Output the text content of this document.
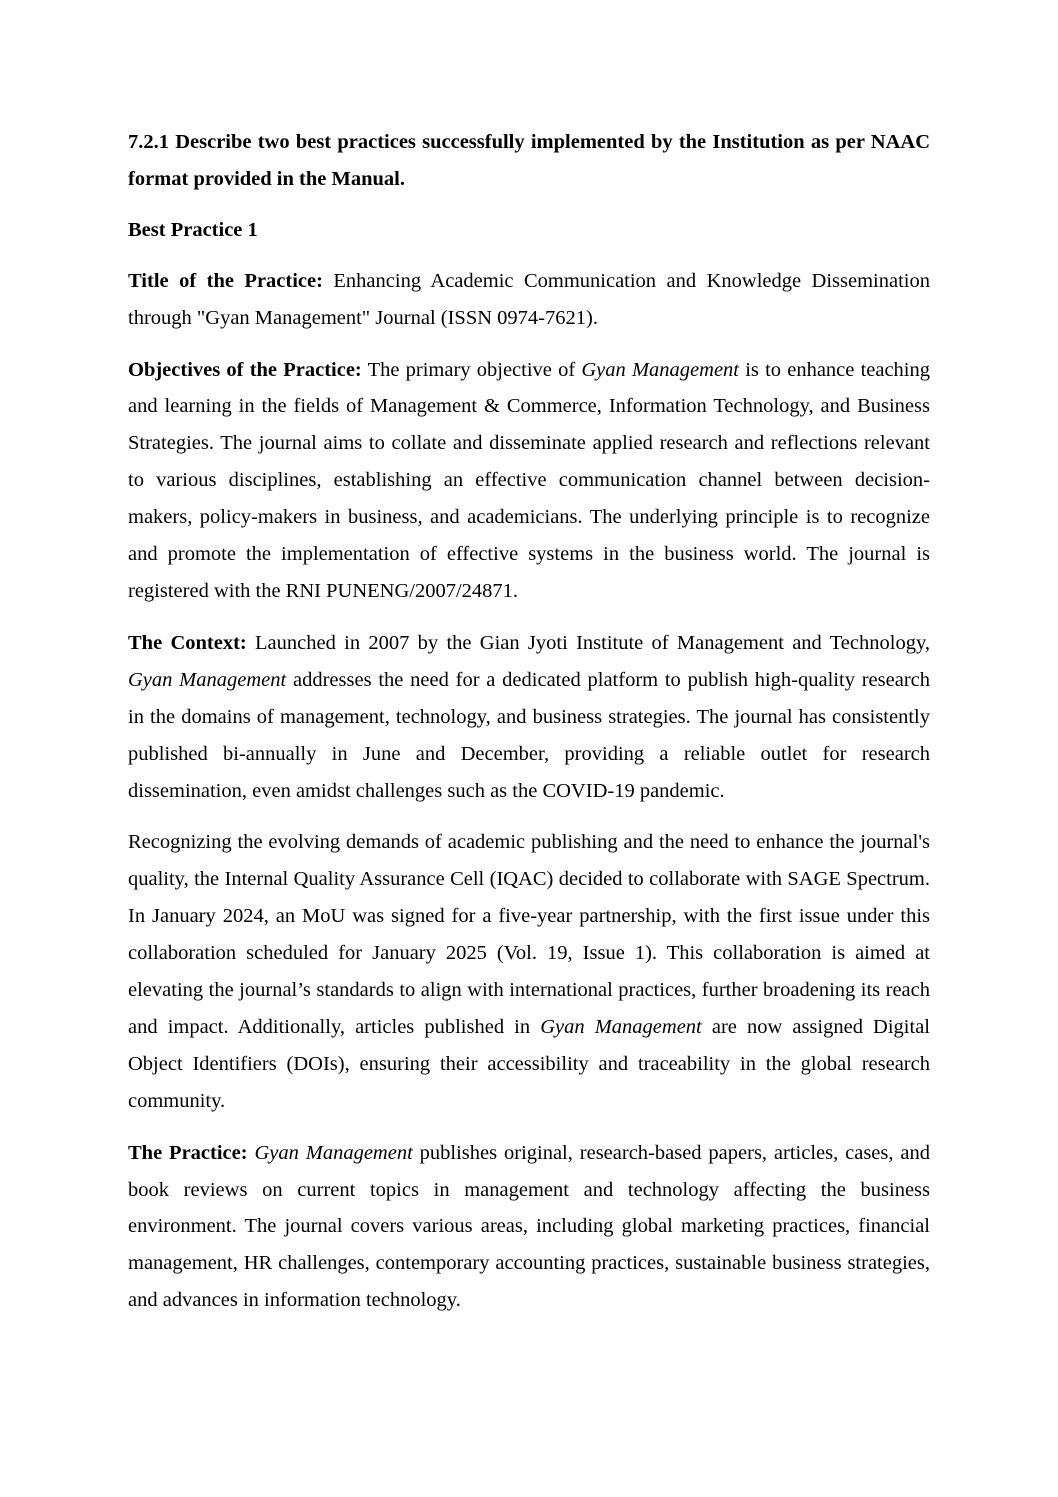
7.2.1 Describe two best practices successfully implemented by the Institution as per NAAC format provided in the Manual.

Best Practice 1

Title of the Practice: Enhancing Academic Communication and Knowledge Dissemination through "Gyan Management" Journal (ISSN 0974-7621).

Objectives of the Practice: The primary objective of Gyan Management is to enhance teaching and learning in the fields of Management & Commerce, Information Technology, and Business Strategies. The journal aims to collate and disseminate applied research and reflections relevant to various disciplines, establishing an effective communication channel between decision-makers, policy-makers in business, and academicians. The underlying principle is to recognize and promote the implementation of effective systems in the business world. The journal is registered with the RNI PUNENG/2007/24871.

The Context: Launched in 2007 by the Gian Jyoti Institute of Management and Technology, Gyan Management addresses the need for a dedicated platform to publish high-quality research in the domains of management, technology, and business strategies. The journal has consistently published bi-annually in June and December, providing a reliable outlet for research dissemination, even amidst challenges such as the COVID-19 pandemic.

Recognizing the evolving demands of academic publishing and the need to enhance the journal's quality, the Internal Quality Assurance Cell (IQAC) decided to collaborate with SAGE Spectrum. In January 2024, an MoU was signed for a five-year partnership, with the first issue under this collaboration scheduled for January 2025 (Vol. 19, Issue 1). This collaboration is aimed at elevating the journal’s standards to align with international practices, further broadening its reach and impact. Additionally, articles published in Gyan Management are now assigned Digital Object Identifiers (DOIs), ensuring their accessibility and traceability in the global research community.

The Practice: Gyan Management publishes original, research-based papers, articles, cases, and book reviews on current topics in management and technology affecting the business environment. The journal covers various areas, including global marketing practices, financial management, HR challenges, contemporary accounting practices, sustainable business strategies, and advances in information technology.
